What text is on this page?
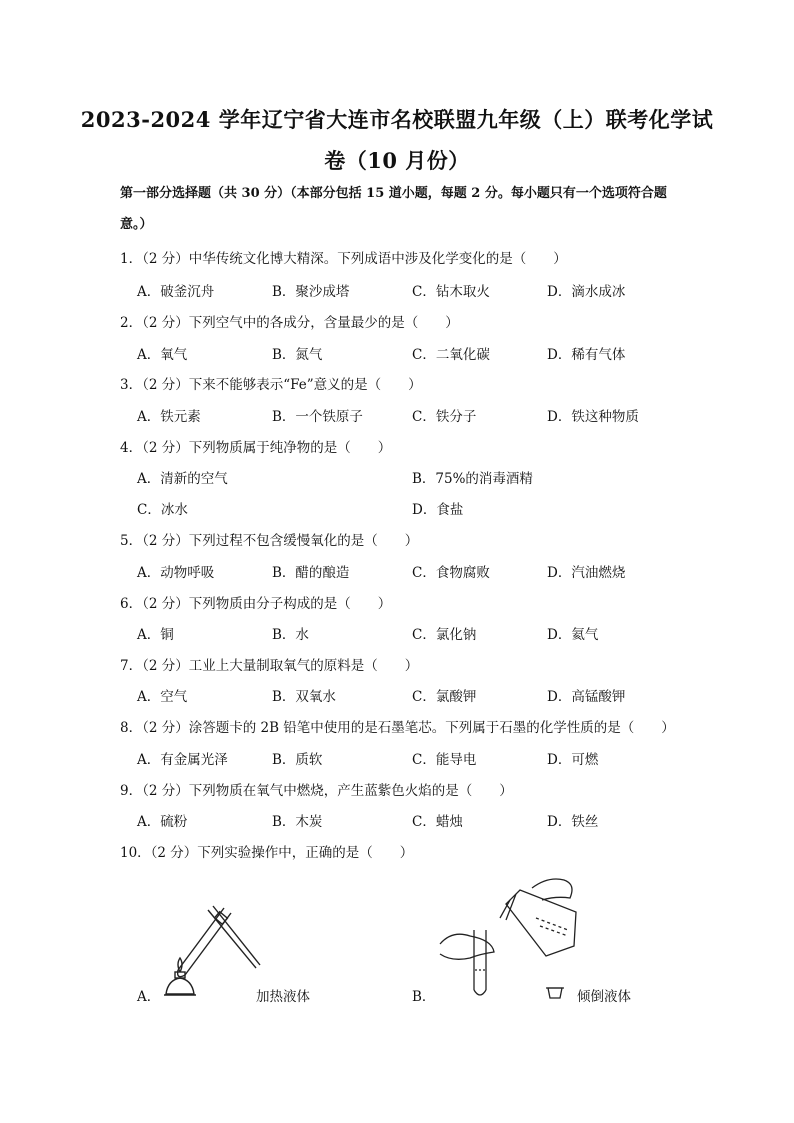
2023-2024 学年辽宁省大连市名校联盟九年级（上）联考化学试
卷（10 月份）
第一部分选择题（共 30 分）（本部分包括 15 道小题，每题 2 分。每小题只有一个选项符合题意。）
1．（2 分）中华传统文化博大精深。下列成语中涉及化学变化的是（　　）
A．破釜沉舟	B．聚沙成塔	C．钻木取火	D．滴水成冰
2．（2 分）下列空气中的各成分，含量最少的是（　　）
A．氧气	B．氮气	C．二氧化碳	D．稀有气体
3．（2 分）下来不能够表示“Fe”意义的是（　　）
A．铁元素	B．一个铁原子	C．铁分子	D．铁这种物质
4．（2 分）下列物质属于纯净物的是（　　）
A．清新的空气	B．75%的消毒酒精
C．冰水	D．食盐
5．（2 分）下列过程不包含缓慢氧化的是（　　）
A．动物呼吸	B．醋的酿造	C．食物腐败	D．汽油燃烧
6．（2 分）下列物质由分子构成的是（　　）
A．铜	B．水	C．氯化钠	D．氦气
7．（2 分）工业上大量制取氧气的原料是（　　）
A．空气	B．双氧水	C．氯酸钾	D．高锰酸钾
8．（2 分）涂答题卡的 2B 铅笔中使用的是石墨笔芯。下列属于石墨的化学性质的是（　　）
A．有金属光泽	B．质软	C．能导电	D．可燃
9．（2 分）下列物质在氧气中燃烧，产生蓝紫色火焰的是（　　）
A．硫粉	B．木炭	C．蜡烛	D．铁丝
10．（2 分）下列实验操作中，正确的是（　　）
A．	加热液体	B．	倾倒液体
